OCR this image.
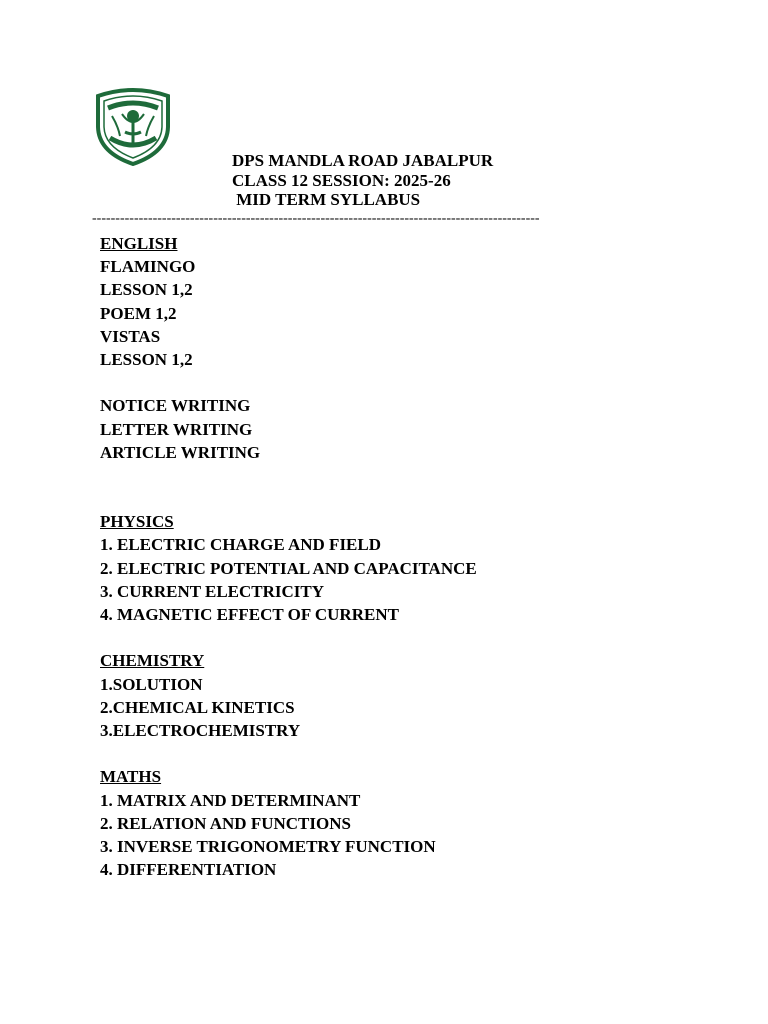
DPS MANDLA ROAD JABALPUR
CLASS 12 SESSION: 2025-26
MID TERM SYLLABUS
------------------------------------------------------------------------------------------------
ENGLISH
FLAMINGO
LESSON 1,2
POEM 1,2
VISTAS
LESSON 1,2
NOTICE WRITING
LETTER WRITING
ARTICLE WRITING
PHYSICS
1. ELECTRIC CHARGE AND FIELD
2. ELECTRIC POTENTIAL AND CAPACITANCE
3. CURRENT ELECTRICITY
4. MAGNETIC EFFECT OF CURRENT
CHEMISTRY
1.SOLUTION
2.CHEMICAL KINETICS
3.ELECTROCHEMISTRY
MATHS
1. MATRIX AND DETERMINANT
2. RELATION AND FUNCTIONS
3. INVERSE TRIGONOMETRY FUNCTION
4. DIFFERENTIATION
